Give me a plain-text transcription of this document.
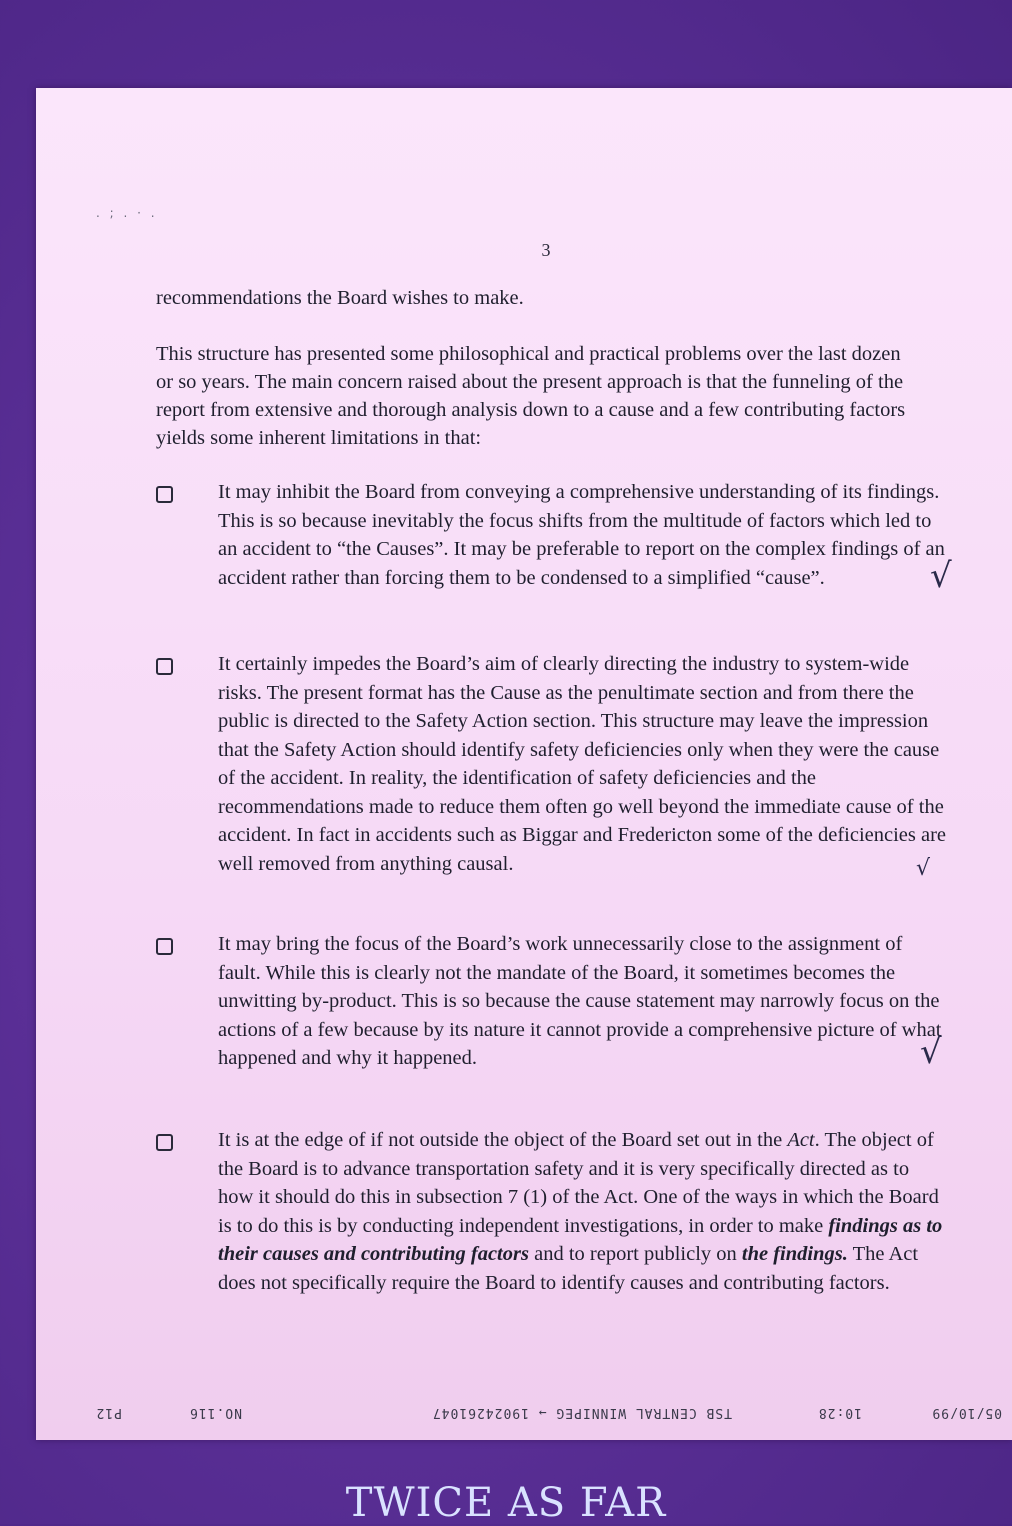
. ; . · .
3
recommendations the Board wishes to make.
This structure has presented some philosophical and practical problems over the last dozen or so years. The main concern raised about the present approach is that the funneling of the report from extensive and thorough analysis down to a cause and a few contributing factors yields some inherent limitations in that:
It may inhibit the Board from conveying a comprehensive understanding of its findings. This is so because inevitably the focus shifts from the multitude of factors which led to an accident to “the Causes”. It may be preferable to report on the complex findings of an accident rather than forcing them to be condensed to a simplified “cause”.	√
It certainly impedes the Board’s aim of clearly directing the industry to system-wide risks. The present format has the Cause as the penultimate section and from there the public is directed to the Safety Action section. This structure may leave the impression that the Safety Action should identify safety deficiencies only when they were the cause of the accident. In reality, the identification of safety deficiencies and the recommendations made to reduce them often go well beyond the immediate cause of the accident. In fact in accidents such as Biggar and Fredericton some of the deficiencies are well removed from anything causal.	√
It may bring the focus of the Board’s work unnecessarily close to the assignment of fault. While this is clearly not the mandate of the Board, it sometimes becomes the unwitting by-product. This is so because the cause statement may narrowly focus on the actions of a few because by its nature it cannot provide a comprehensive picture of what happened and why it happened.	√
It is at the edge of if not outside the object of the Board set out in the Act. The object of the Board is to advance transportation safety and it is very specifically directed as to how it should do this in subsection 7 (1) of the Act. One of the ways in which the Board is to do this is by conducting independent investigations, in order to make findings as to their causes and contributing factors and to report publicly on the findings. The Act does not specifically require the Board to identify causes and contributing factors.
05/10/99
10:28
TSB CENTRAL WINNIPEG → 19024261047
NO.116
P12
TWICE AS FAR
